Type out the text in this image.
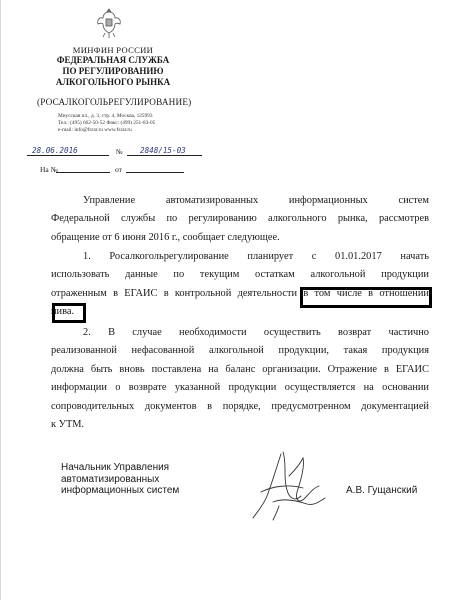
МИНФИН РОССИИ
ФЕДЕРАЛЬНАЯ СЛУЖБА
ПО РЕГУЛИРОВАНИЮ
АЛКОГОЛЬНОГО РЫНКА
(РОСАЛКОГОЛЬРЕГУЛИРОВАНИЕ)
Миусская пл., д. 3, стр. 4, Москва, 125993
Тел.: (495) 662-50-52 Факс: (499) 251-83-05
e-mail: info@fsrar.ru www.fsrar.ru
28.06.2016	№ 2848/15-03
На №	от
Управление автоматизированных информационных систем
Федеральной службы по регулированию алкогольного рынка, рассмотрев
обращение от 6 июня 2016 г., сообщает следующее.
1. Росалкогольрегулирование планирует с 01.01.2017 начать
использовать данные по текущим остаткам алкогольной продукции
отраженным в ЕГАИС в контрольной деятельности в том числе в отношении
пива.
2. В случае необходимости осуществить возврат частично
реализованной нефасованной алкогольной продукции, такая продукция
должна быть вновь поставлена на баланс организации. Отражение в ЕГАИС
информации о возврате указанной продукции осуществляется на основании
сопроводительных документов в порядке, предусмотренном документацией
к УТМ.
Начальник Управления
автоматизированных
информационных систем	А.В. Гущанский
